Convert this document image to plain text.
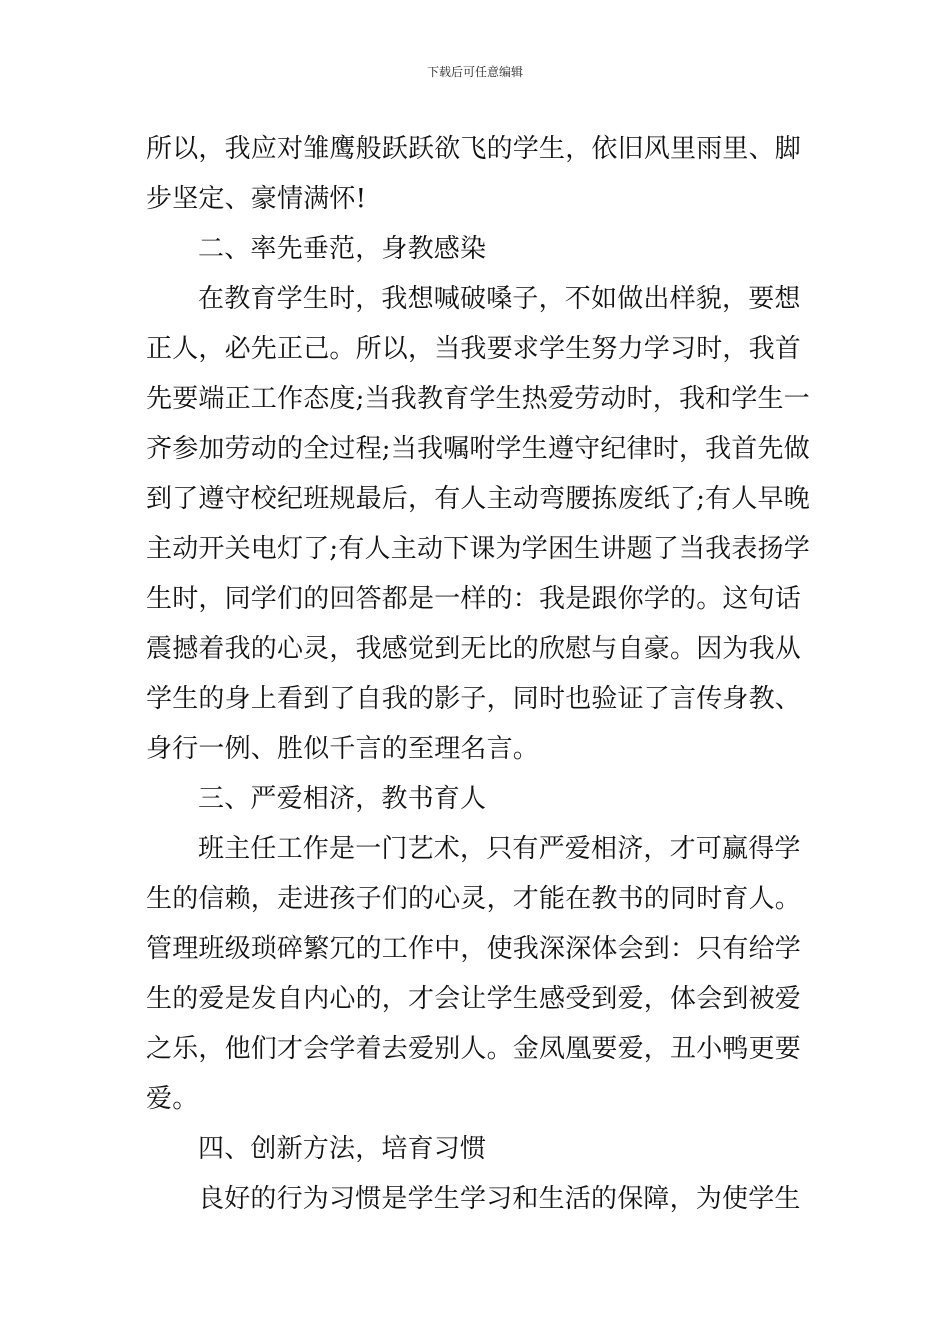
下载后可任意编辑
所以，我应对雏鹰般跃跃欲飞的学生，依旧风里雨里、脚
步坚定、豪情满怀!
二、率先垂范，身教感染
在教育学生时，我想喊破嗓子，不如做出样貌，要想
正人，必先正己。所以，当我要求学生努力学习时，我首
先要端正工作态度;当我教育学生热爱劳动时，我和学生一
齐参加劳动的全过程;当我嘱咐学生遵守纪律时，我首先做
到了遵守校纪班规最后，有人主动弯腰拣废纸了;有人早晚
主动开关电灯了;有人主动下课为学困生讲题了当我表扬学
生时，同学们的回答都是一样的：我是跟你学的。这句话
震撼着我的心灵，我感觉到无比的欣慰与自豪。因为我从
学生的身上看到了自我的影子，同时也验证了言传身教、
身行一例、胜似千言的至理名言。
三、严爱相济，教书育人
班主任工作是一门艺术，只有严爱相济，才可赢得学
生的信赖，走进孩子们的心灵，才能在教书的同时育人。
管理班级琐碎繁冗的工作中，使我深深体会到：只有给学
生的爱是发自内心的，才会让学生感受到爱，体会到被爱
之乐，他们才会学着去爱别人。金凤凰要爱，丑小鸭更要
爱。
四、创新方法，培育习惯
良好的行为习惯是学生学习和生活的保障，为使学生
